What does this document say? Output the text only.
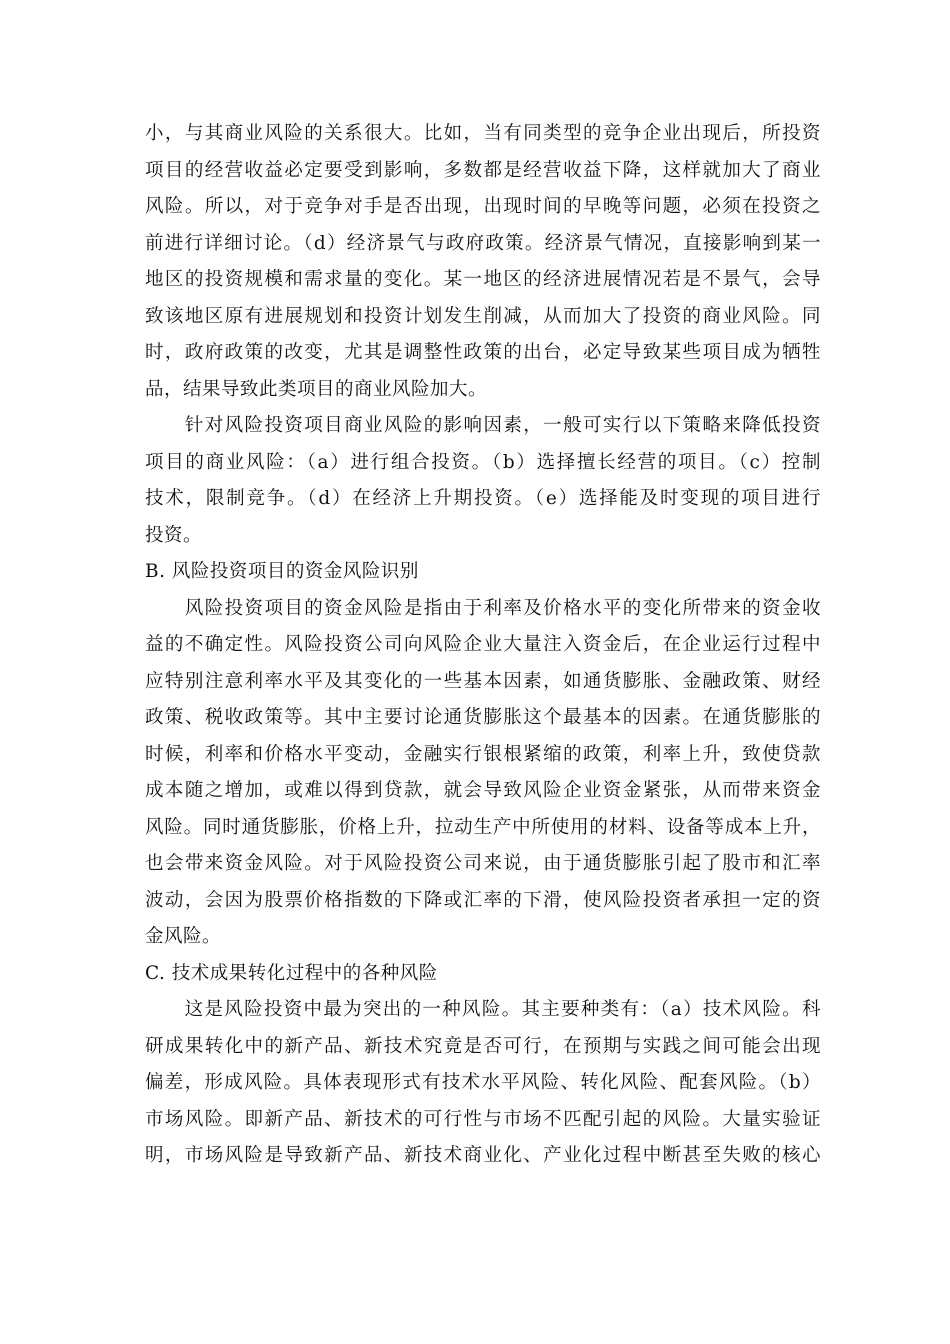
小，与其商业风险的关系很大。比如，当有同类型的竞争企业出现后，所投资
项目的经营收益必定要受到影响，多数都是经营收益下降，这样就加大了商业
风险。所以，对于竞争对手是否出现，出现时间的早晚等问题，必须在投资之
前进行详细讨论。（d）经济景气与政府政策。经济景气情况，直接影响到某一
地区的投资规模和需求量的变化。某一地区的经济进展情况若是不景气，会导
致该地区原有进展规划和投资计划发生削减，从而加大了投资的商业风险。同
时，政府政策的改变，尤其是调整性政策的出台，必定导致某些项目成为牺牲
品，结果导致此类项目的商业风险加大。
　　针对风险投资项目商业风险的影响因素，一般可实行以下策略来降低投资
项目的商业风险：（a）进行组合投资。（b）选择擅长经营的项目。（c）控制
技术，限制竞争。（d）在经济上升期投资。（e）选择能及时变现的项目进行
投资。
B. 风险投资项目的资金风险识别
　　风险投资项目的资金风险是指由于利率及价格水平的变化所带来的资金收
益的不确定性。风险投资公司向风险企业大量注入资金后，在企业运行过程中
应特别注意利率水平及其变化的一些基本因素，如通货膨胀、金融政策、财经
政策、税收政策等。其中主要讨论通货膨胀这个最基本的因素。在通货膨胀的
时候，利率和价格水平变动，金融实行银根紧缩的政策，利率上升，致使贷款
成本随之增加，或难以得到贷款，就会导致风险企业资金紧张，从而带来资金
风险。同时通货膨胀，价格上升，拉动生产中所使用的材料、设备等成本上升，
也会带来资金风险。对于风险投资公司来说，由于通货膨胀引起了股市和汇率
波动，会因为股票价格指数的下降或汇率的下滑，使风险投资者承担一定的资
金风险。
C. 技术成果转化过程中的各种风险
　　这是风险投资中最为突出的一种风险。其主要种类有：（a）技术风险。科
研成果转化中的新产品、新技术究竟是否可行，在预期与实践之间可能会出现
偏差，形成风险。具体表现形式有技术水平风险、转化风险、配套风险。（b）
市场风险。即新产品、新技术的可行性与市场不匹配引起的风险。大量实验证
明，市场风险是导致新产品、新技术商业化、产业化过程中断甚至失败的核心
